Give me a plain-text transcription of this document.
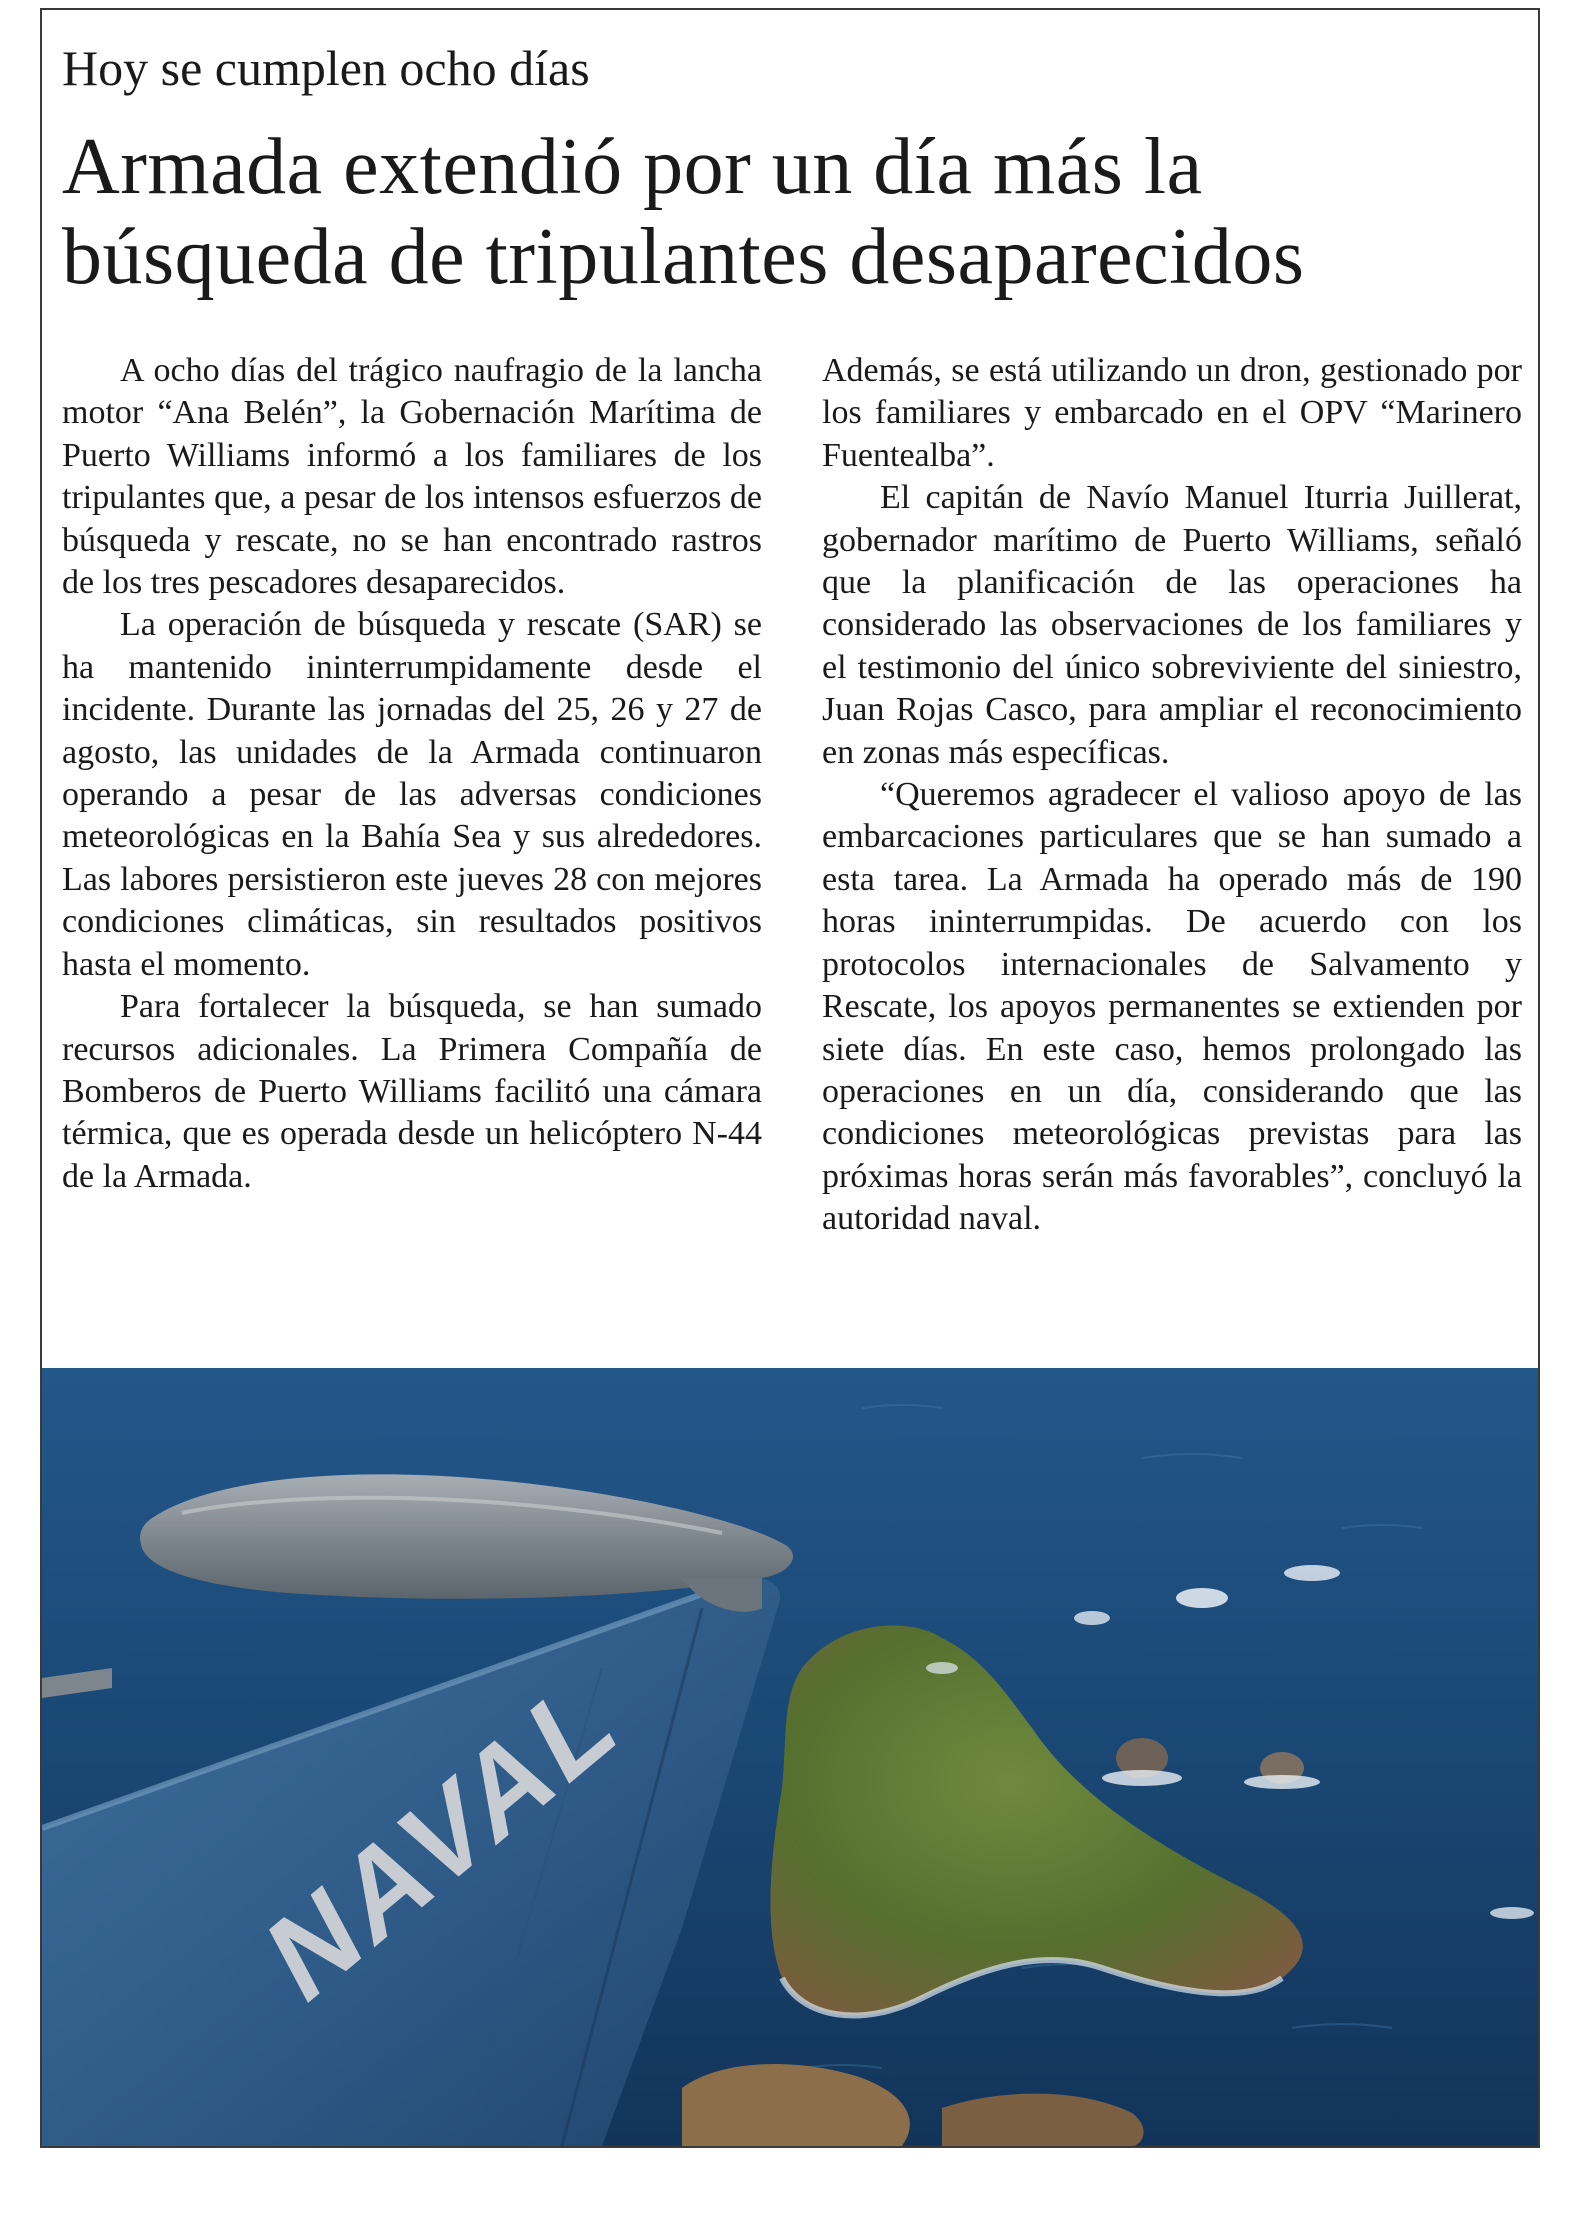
Hoy se cumplen ocho días
Armada extendió por un día más la búsqueda de tripulantes desaparecidos

A ocho días del trágico naufragio de la lancha motor “Ana Belén”, la Gobernación Marítima de Puerto Williams informó a los familiares de los tripulantes que, a pesar de los intensos esfuerzos de búsqueda y rescate, no se han encontrado rastros de los tres pescadores desaparecidos.

La operación de búsqueda y rescate (SAR) se ha mantenido ininterrumpidamente desde el incidente. Durante las jornadas del 25, 26 y 27 de agosto, las unidades de la Armada continuaron operando a pesar de las adversas condiciones meteorológicas en la Bahía Sea y sus alrededores. Las labores persistieron este jueves 28 con mejores condiciones climáticas, sin resultados positivos hasta el momento.

Para fortalecer la búsqueda, se han sumado recursos adicionales. La Primera Compañía de Bomberos de Puerto Williams facilitó una cámara térmica, que es operada desde un helicóptero N-44 de la Armada.

Además, se está utilizando un dron, gestionado por los familiares y embarcado en el OPV “Marinero Fuentealba”.

El capitán de Navío Manuel Iturria Juillerat, gobernador marítimo de Puerto Williams, señaló que la planificación de las operaciones ha considerado las observaciones de los familiares y el testimonio del único sobreviviente del siniestro, Juan Rojas Casco, para ampliar el reconocimiento en zonas más específicas.

“Queremos agradecer el valioso apoyo de las embarcaciones particulares que se han sumado a esta tarea. La Armada ha operado más de 190 horas ininterrumpidas. De acuerdo con los protocolos internacionales de Salvamento y Rescate, los apoyos permanentes se extienden por siete días. En este caso, hemos prolongado las operaciones en un día, considerando que las condiciones meteorológicas previstas para las próximas horas serán más favorables”, concluyó la autoridad naval.

NAVAL
